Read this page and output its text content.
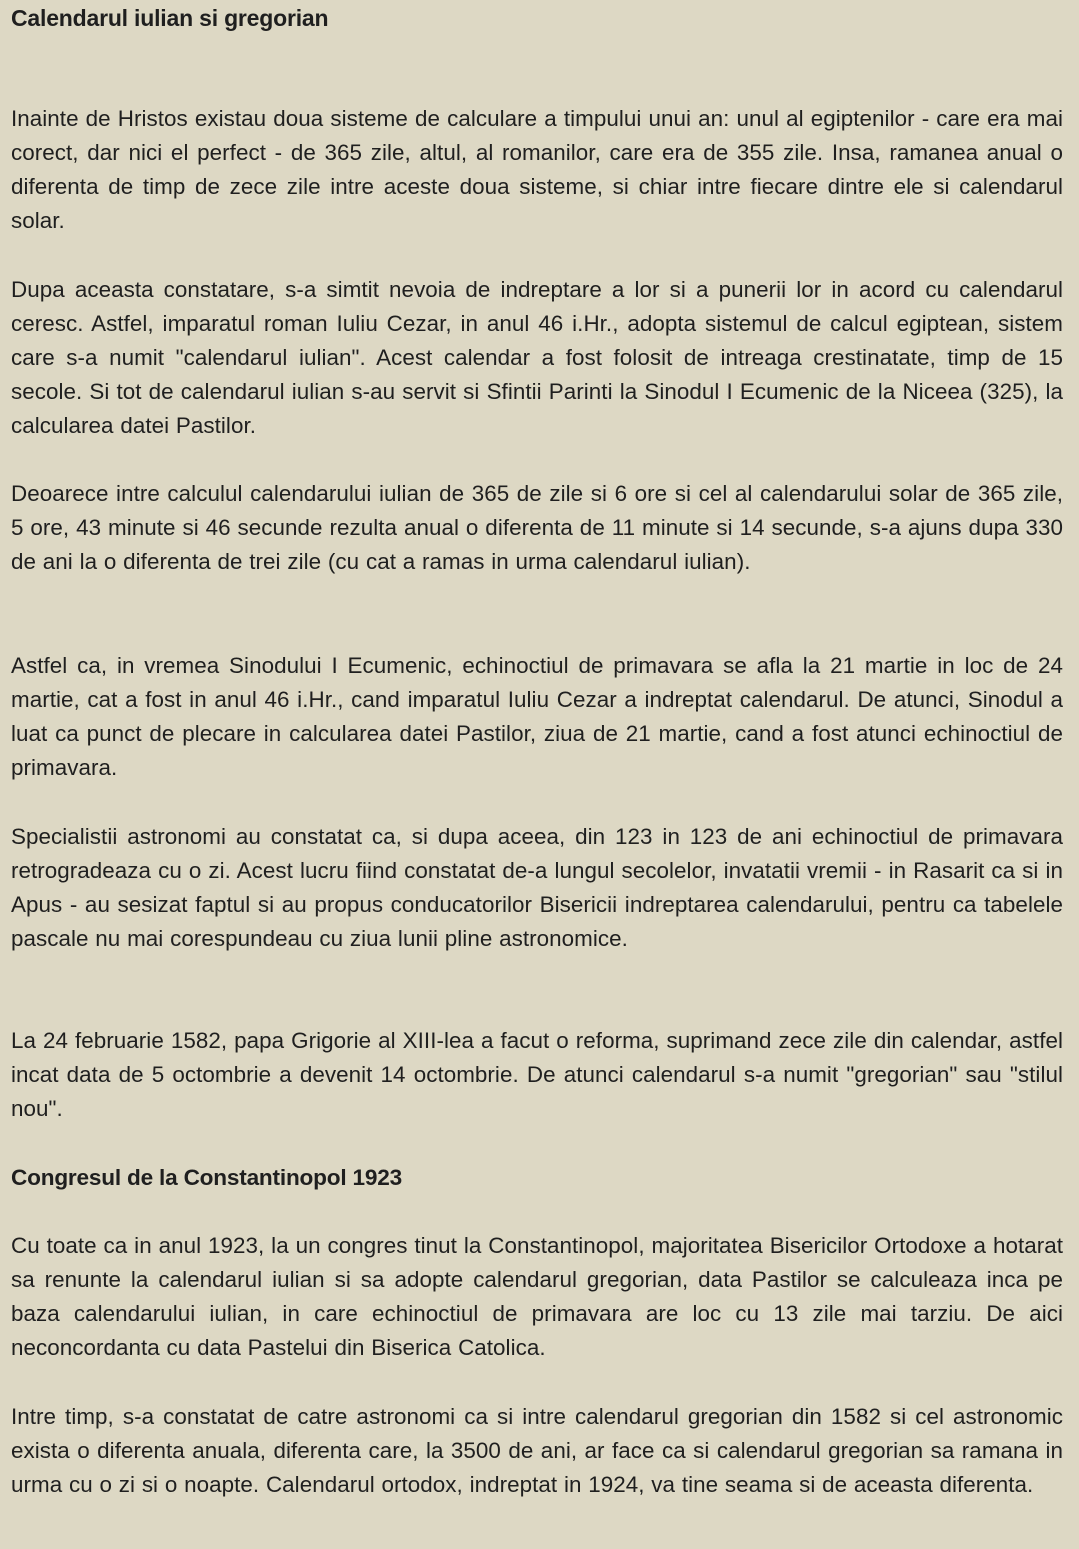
Calendarul iulian si gregorian

Inainte de Hristos existau doua sisteme de calculare a timpului unui an: unul al egiptenilor - care era mai corect, dar nici el perfect - de 365 zile, altul, al romanilor, care era de 355 zile. Insa, ramanea anual o diferenta de timp de zece zile intre aceste doua sisteme, si chiar intre fiecare dintre ele si calendarul solar.

Dupa aceasta constatare, s-a simtit nevoia de indreptare a lor si a punerii lor in acord cu calendarul ceresc. Astfel, imparatul roman Iuliu Cezar, in anul 46 i.Hr., adopta sistemul de calcul egiptean, sistem care s-a numit "calendarul iulian". Acest calendar a fost folosit de intreaga crestinatate, timp de 15 secole. Si tot de calendarul iulian s-au servit si Sfintii Parinti la Sinodul I Ecumenic de la Niceea (325), la calcularea datei Pastilor.

Deoarece intre calculul calendarului iulian de 365 de zile si 6 ore si cel al calendarului solar de 365 zile, 5 ore, 43 minute si 46 secunde rezulta anual o diferenta de 11 minute si 14 secunde, s-a ajuns dupa 330 de ani la o diferenta de trei zile (cu cat a ramas in urma calendarul iulian).

Astfel ca, in vremea Sinodului I Ecumenic, echinoctiul de primavara se afla la 21 martie in loc de 24 martie, cat a fost in anul 46 i.Hr., cand imparatul Iuliu Cezar a indreptat calendarul. De atunci, Sinodul a luat ca punct de plecare in calcularea datei Pastilor, ziua de 21 martie, cand a fost atunci echinoctiul de primavara.

Specialistii astronomi au constatat ca, si dupa aceea, din 123 in 123 de ani echinoctiul de primavara retrogradeaza cu o zi. Acest lucru fiind constatat de-a lungul secolelor, invatatii vremii - in Rasarit ca si in Apus - au sesizat faptul si au propus conducatorilor Bisericii indreptarea calendarului, pentru ca tabelele pascale nu mai corespundeau cu ziua lunii pline astronomice.

La 24 februarie 1582, papa Grigorie al XIII-lea a facut o reforma, suprimand zece zile din calendar, astfel incat data de 5 octombrie a devenit 14 octombrie. De atunci calendarul s-a numit "gregorian" sau "stilul nou".

Congresul de la Constantinopol 1923

Cu toate ca in anul 1923, la un congres tinut la Constantinopol, majoritatea Bisericilor Ortodoxe a hotarat sa renunte la calendarul iulian si sa adopte calendarul gregorian, data Pastilor se calculeaza inca pe baza calendarului iulian, in care echinoctiul de primavara are loc cu 13 zile mai tarziu. De aici neconcordanta cu data Pastelui din Biserica Catolica.

Intre timp, s-a constatat de catre astronomi ca si intre calendarul gregorian din 1582 si cel astronomic exista o diferenta anuala, diferenta care, la 3500 de ani, ar face ca si calendarul gregorian sa ramana in urma cu o zi si o noapte. Calendarul ortodox, indreptat in 1924, va tine seama si de aceasta diferenta.
